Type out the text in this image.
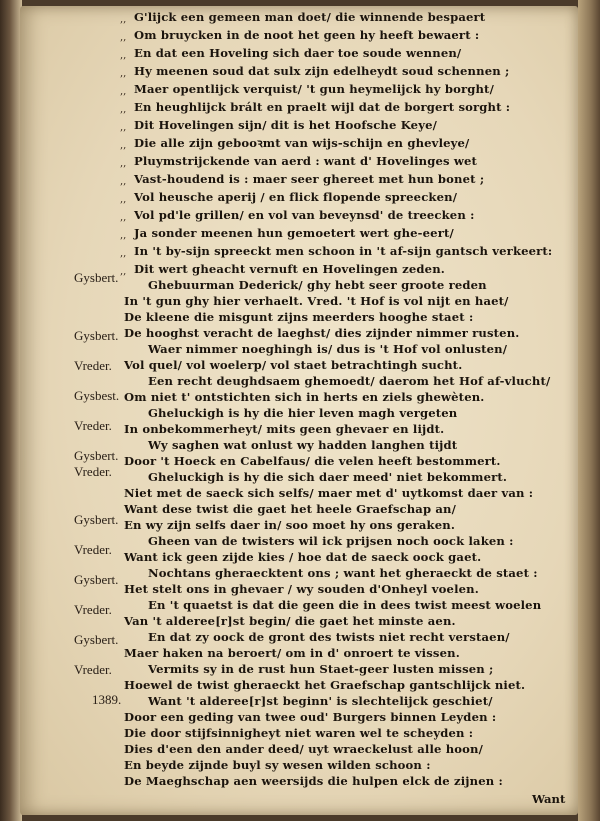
,,
,,
,,
,,
,,
,,
,,
,,
,,
,,
,,
,,
,,
,,
,,
G'lijck een gemeen man doet/ die winnende bespaert
Om bruycken in de noot het geen hy heeft bewaert :
En dat een Hoveling sich daer toe soude wennen/
Hy meenen soud dat sulx zijn edelheydt soud schennen ;
Maer opentlijck verquist/ 't gun heymelijck hy borght/
En heughlijck brált en praelt wijl dat de borgert sorght :
Dit Hovelingen sijn/ dit is het Hoofsche Keye/
Die alle zijn gebooꝛmt van wijs-schijn en ghevleye/
Pluymstrijckende van aerd : want d' Hovelinges wet
Vast-houdend is : maer seer ghereet met hun bonet ;
Vol heusche aperij / en flick flopende spreecken/
Vol pd'le grillen/ en vol van beveynsd' de treecken :
Ja sonder meenen hun gemoetert wert ghe-eert/
In 't by-sijn spreeckt men schoon in 't af-sijn gantsch verkeert:
Dit wert gheacht vernuft en Hovelingen zeden.
Gysbert.
Gysbert.
Vreder.
Gysbest.
Vreder.
Gysbert.
Vreder.
Gysbert.
Vreder.
Gysbert.
Vreder.
Gysbert.
Vreder.
1389.
Ghebuurman Dederick/ ghy hebt seer groote reden
In 't gun ghy hier verhaelt. Vred. 't Hof is vol nijt en haet/
De kleene die misgunt zijns meerders hooghe staet :
De hooghst veracht de laeghst/ dies zijnder nimmer rusten.
Waer nimmer noeghingh is/ dus is 't Hof vol onlusten/
Vol quel/ vol woelerp/ vol staet betrachtingh sucht.
Een recht deughdsaem ghemoedt/ daerom het Hof af-vlucht/
Om niet t' ontstichten sich in herts en ziels ghewèten.
Gheluckigh is hy die hier leven magh vergeten
In onbekommerheyt/ mits geen ghevaer en lijdt.
Wy saghen wat onlust wy hadden langhen tijdt
Door 't Hoeck en Cabelfaus/ die velen heeft bestommert.
Gheluckigh is hy die sich daer meed' niet bekommert.
Niet met de saeck sich selfs/ maer met d' uytkomst daer van :
Want dese twist die gaet het heele Graefschap an/
En wy zijn selfs daer in/ soo moet hy ons geraken.
Gheen van de twisters wil ick prijsen noch oock laken :
Want ick geen zijde kies / hoe dat de saeck oock gaet.
Nochtans gheraecktent ons ; want het gheraeckt de staet :
Het stelt ons in ghevaer / wy souden d'Onheyl voelen.
En 't quaetst is dat die geen die in dees twist meest woelen
Van 't alderee[r]st begin/ die gaet het minste aen.
En dat zy oock de gront des twists niet recht verstaen/
Maer haken na beroert/ om in d' onroert te vissen.
Vermits sy in de rust hun Staet-geer lusten missen ;
Hoewel de twist gheraeckt het Graefschap gantschlijck niet.
Want 't alderee[r]st beginn' is slechtelijck geschiet/
Door een geding van twee oud' Burgers binnen Leyden :
Die door stijfsinnigheyt niet waren wel te scheyden :
Dies d'een den ander deed/ uyt wraeckelust alle hoon/
En beyde zijnde buyl sy wesen wilden schoon :
De Maeghschap aen weersijds die hulpen elck de zijnen :
Want
